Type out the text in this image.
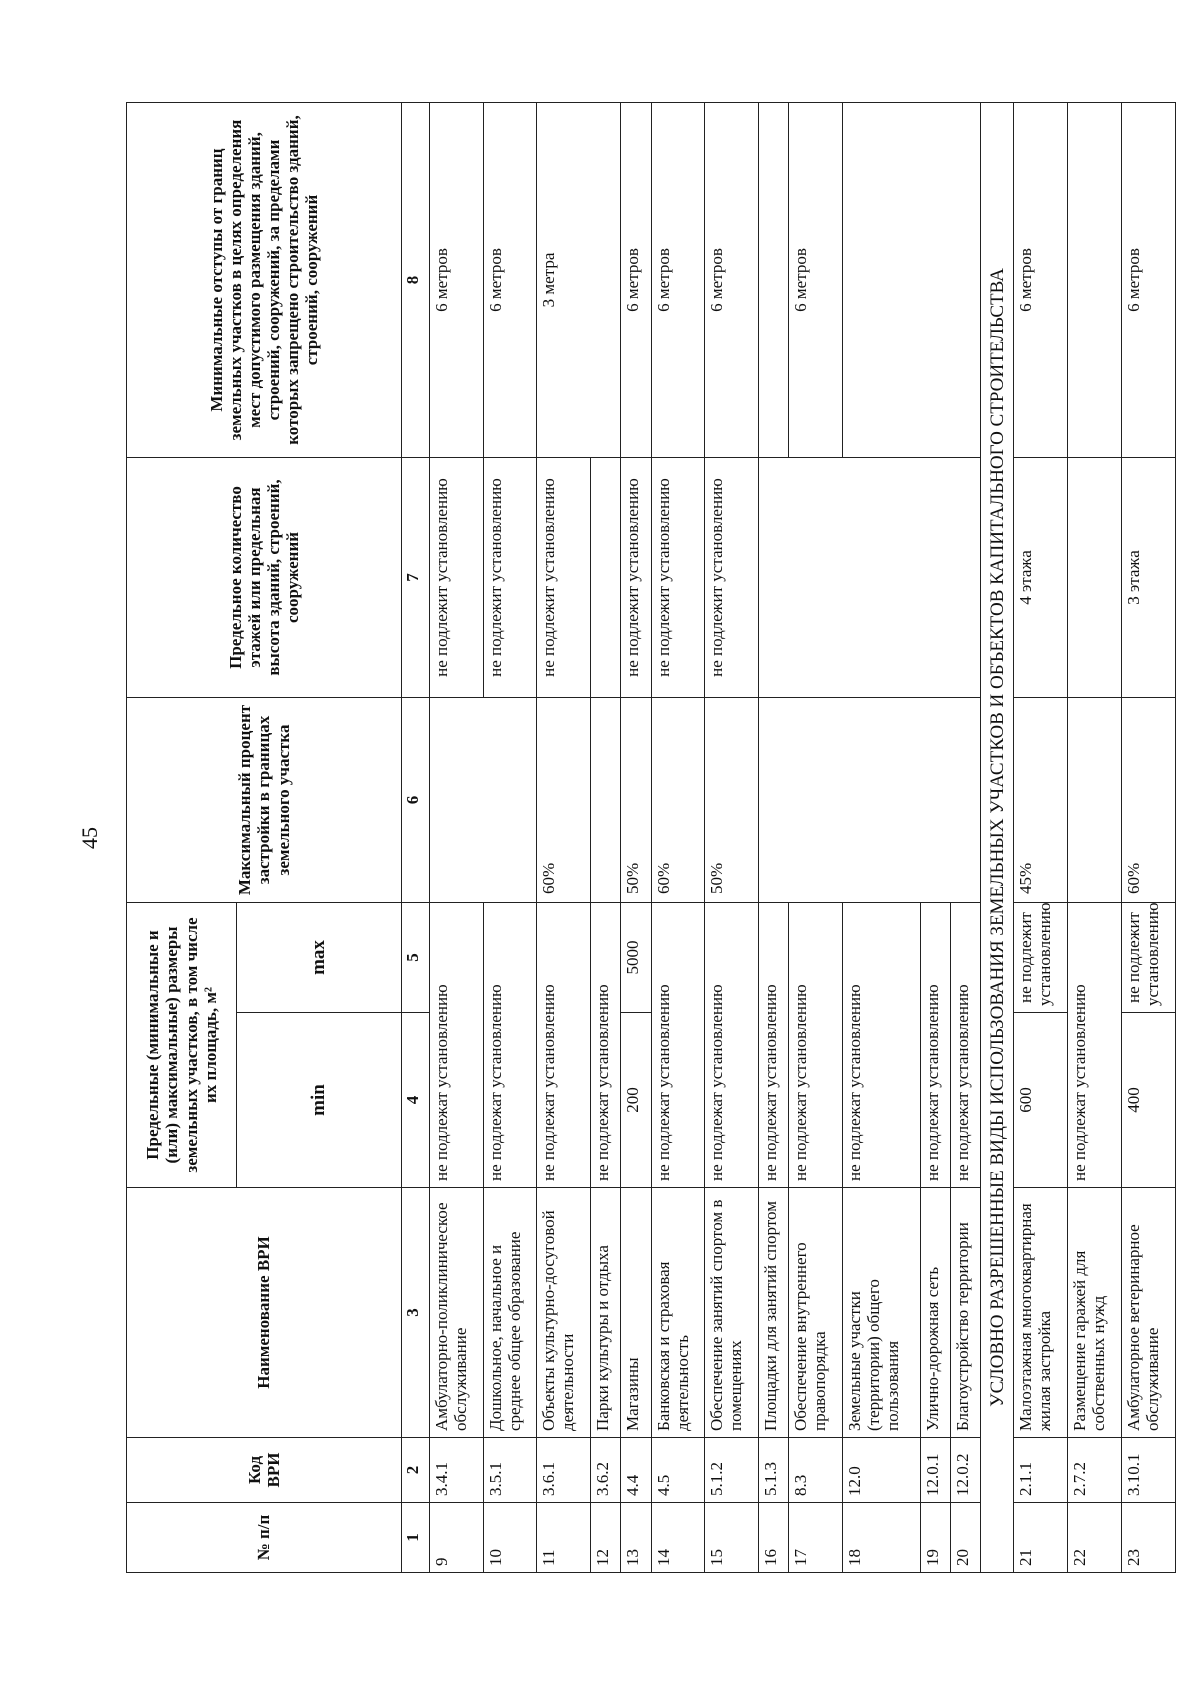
45
№ п/п	Код ВРИ	Наименование ВРИ	Предельные (минимальные и (или) максимальные) размеры земельных участков, в том числе их площадь, м²		Максимальный процент застройки в границах земельного участка	Предельное количество этажей или предельная высота зданий, строений, сооружений	Минимальные отступы от границ земельных участков в целях определения мест допустимого размещения зданий, строений, сооружений, за пределами которых запрещено строительство зданий, строений, сооружений
			min	max			
1	2	3	4	5	6	7	8
9	3.4.1	Амбулаторно-поликлиническое обслуживание	не подлежат установлению			не подлежит установлению	6 метров
10	3.5.1	Дошкольное, начальное и среднее общее образование	не подлежат установлению			не подлежит установлению	6 метров
11	3.6.1	Объекты культурно-досуговой деятельности	не подлежат установлению		60%	не подлежит установлению	3 метра
12	3.6.2	Парки культуры и отдыха	не подлежат установлению				
13	4.4	Магазины	200	5000	50%	не подлежит установлению	6 метров
14	4.5	Банковская и страховая деятельность	не подлежат установлению		60%	не подлежит установлению	6 метров
15	5.1.2	Обеспечение занятий спортом в помещениях	не подлежат установлению		50%	не подлежит установлению	6 метров
16	5.1.3	Площадки для занятий спортом	не подлежат установлению				
17	8.3	Обеспечение внутреннего правопорядка	не подлежат установлению				6 метров
18	12.0	Земельные участки (территории) общего пользования	не подлежат установлению				
19	12.0.1	Улично-дорожная сеть	не подлежат установлению				
20	12.0.2	Благоустройство территории	не подлежат установлению				
УСЛОВНО РАЗРЕШЕННЫЕ ВИДЫ ИСПОЛЬЗОВАНИЯ ЗЕМЕЛЬНЫХ УЧАСТКОВ И ОБЪЕКТОВ КАПИТАЛЬНОГО СТРОИТЕЛЬСТВА							
21	2.1.1	Малоэтажная многоквартирная жилая застройка	600	не подлежит установлению	45%	4 этажа	6 метров
22	2.7.2	Размещение гаражей для собственных нужд	не подлежат установлению				
23	3.10.1	Амбулаторное ветеринарное обслуживание	400	не подлежит установлению	60%	3 этажа	6 метров
